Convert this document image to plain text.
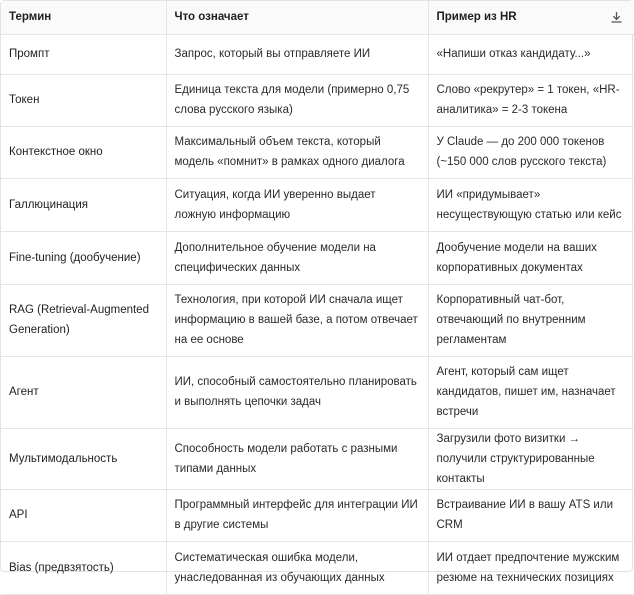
Термин	Что означает	Пример из HR

Промпт	Запрос, который вы отправляете ИИ	«Напиши отказ кандидату...»
Токен	Единица текста для модели (примерно 0,75 слова русского языка)	Слово «рекрутер» = 1 токен, «HR-аналитика» = 2-3 токена
Контекстное окно	Максимальный объем текста, который модель «помнит» в рамках одного диалога	У Claude — до 200 000 токенов (~150 000 слов русского текста)
Галлюцинация	Ситуация, когда ИИ уверенно выдает ложную информацию	ИИ «придумывает» несуществующую статью или кейс
Fine-tuning (дообучение)	Дополнительное обучение модели на специфических данных	Дообучение модели на ваших корпоративных документах
RAG (Retrieval-Augmented Generation)	Технология, при которой ИИ сначала ищет информацию в вашей базе, а потом отвечает на ее основе	Корпоративный чат-бот, отвечающий по внутренним регламентам
Агент	ИИ, способный самостоятельно планировать и выполнять цепочки задач	Агент, который сам ищет кандидатов, пишет им, назначает встречи
Мультимодальность	Способность модели работать с разными типами данных	Загрузили фото визитки → получили структурированные контакты
API	Программный интерфейс для интеграции ИИ в другие системы	Встраивание ИИ в вашу ATS или CRM
Bias (предвзятость)	Систематическая ошибка модели, унаследованная из обучающих данных	ИИ отдает предпочтение мужским резюме на технических позициях
